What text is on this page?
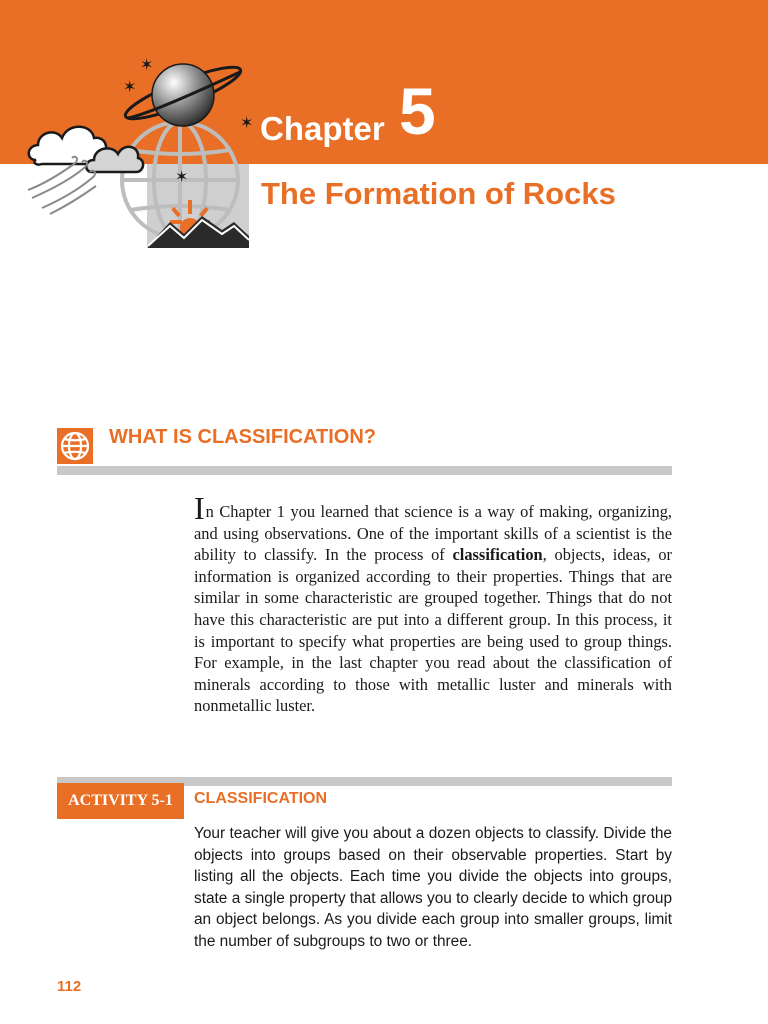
✶
✶
✶
✶
Chapter 5
The Formation of Rocks
WHAT IS CLASSIFICATION?
In Chapter 1 you learned that science is a way of making, organizing, and using observations. One of the important skills of a scientist is the ability to classify. In the process of classification, objects, ideas, or information is organized according to their properties. Things that are similar in some characteristic are grouped together. Things that do not have this characteristic are put into a different group. In this process, it is important to specify what properties are being used to group things. For example, in the last chapter you read about the classification of minerals according to those with metallic luster and minerals with nonmetallic luster.
ACTIVITY 5-1	CLASSIFICATION
Your teacher will give you about a dozen objects to classify. Divide the objects into groups based on their observable properties. Start by listing all the objects. Each time you divide the objects into groups, state a single property that allows you to clearly decide to which group an object belongs. As you divide each group into smaller groups, limit the number of subgroups to two or three.
112
